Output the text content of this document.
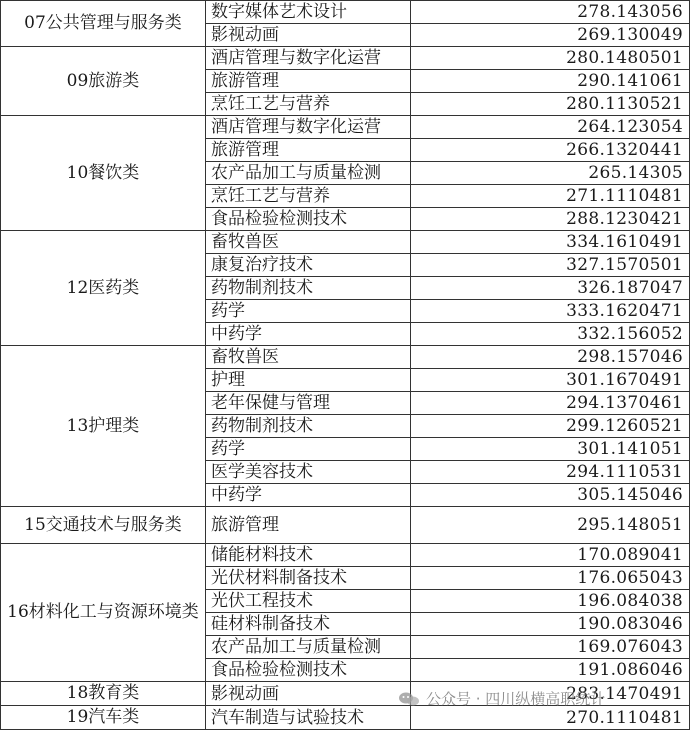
07公共管理与服务类	数字媒体艺术设计	278.143056
	影视动画	269.130049
09旅游类	酒店管理与数字化运营	280.1480501
	旅游管理	290.141061
	烹饪工艺与营养	280.1130521
10餐饮类	酒店管理与数字化运营	264.123054
	旅游管理	266.1320441
	农产品加工与质量检测	265.14305
	烹饪工艺与营养	271.1110481
	食品检验检测技术	288.1230421
12医药类	畜牧兽医	334.1610491
	康复治疗技术	327.1570501
	药物制剂技术	326.187047
	药学	333.1620471
	中药学	332.156052
13护理类	畜牧兽医	298.157046
	护理	301.1670491
	老年保健与管理	294.1370461
	药物制剂技术	299.1260521
	药学	301.141051
	医学美容技术	294.1110531
	中药学	305.145046
15交通技术与服务类	旅游管理	295.148051
16材料化工与资源环境类	储能材料技术	170.089041
	光伏材料制备技术	176.065043
	光伏工程技术	196.084038
	硅材料制备技术	190.083046
	农产品加工与质量检测	169.076043
	食品检验检测技术	191.086046
18教育类	影视动画	283.1470491
19汽车类	汽车制造与试验技术	270.1110481
公众号 · 四川纵横高职统计
